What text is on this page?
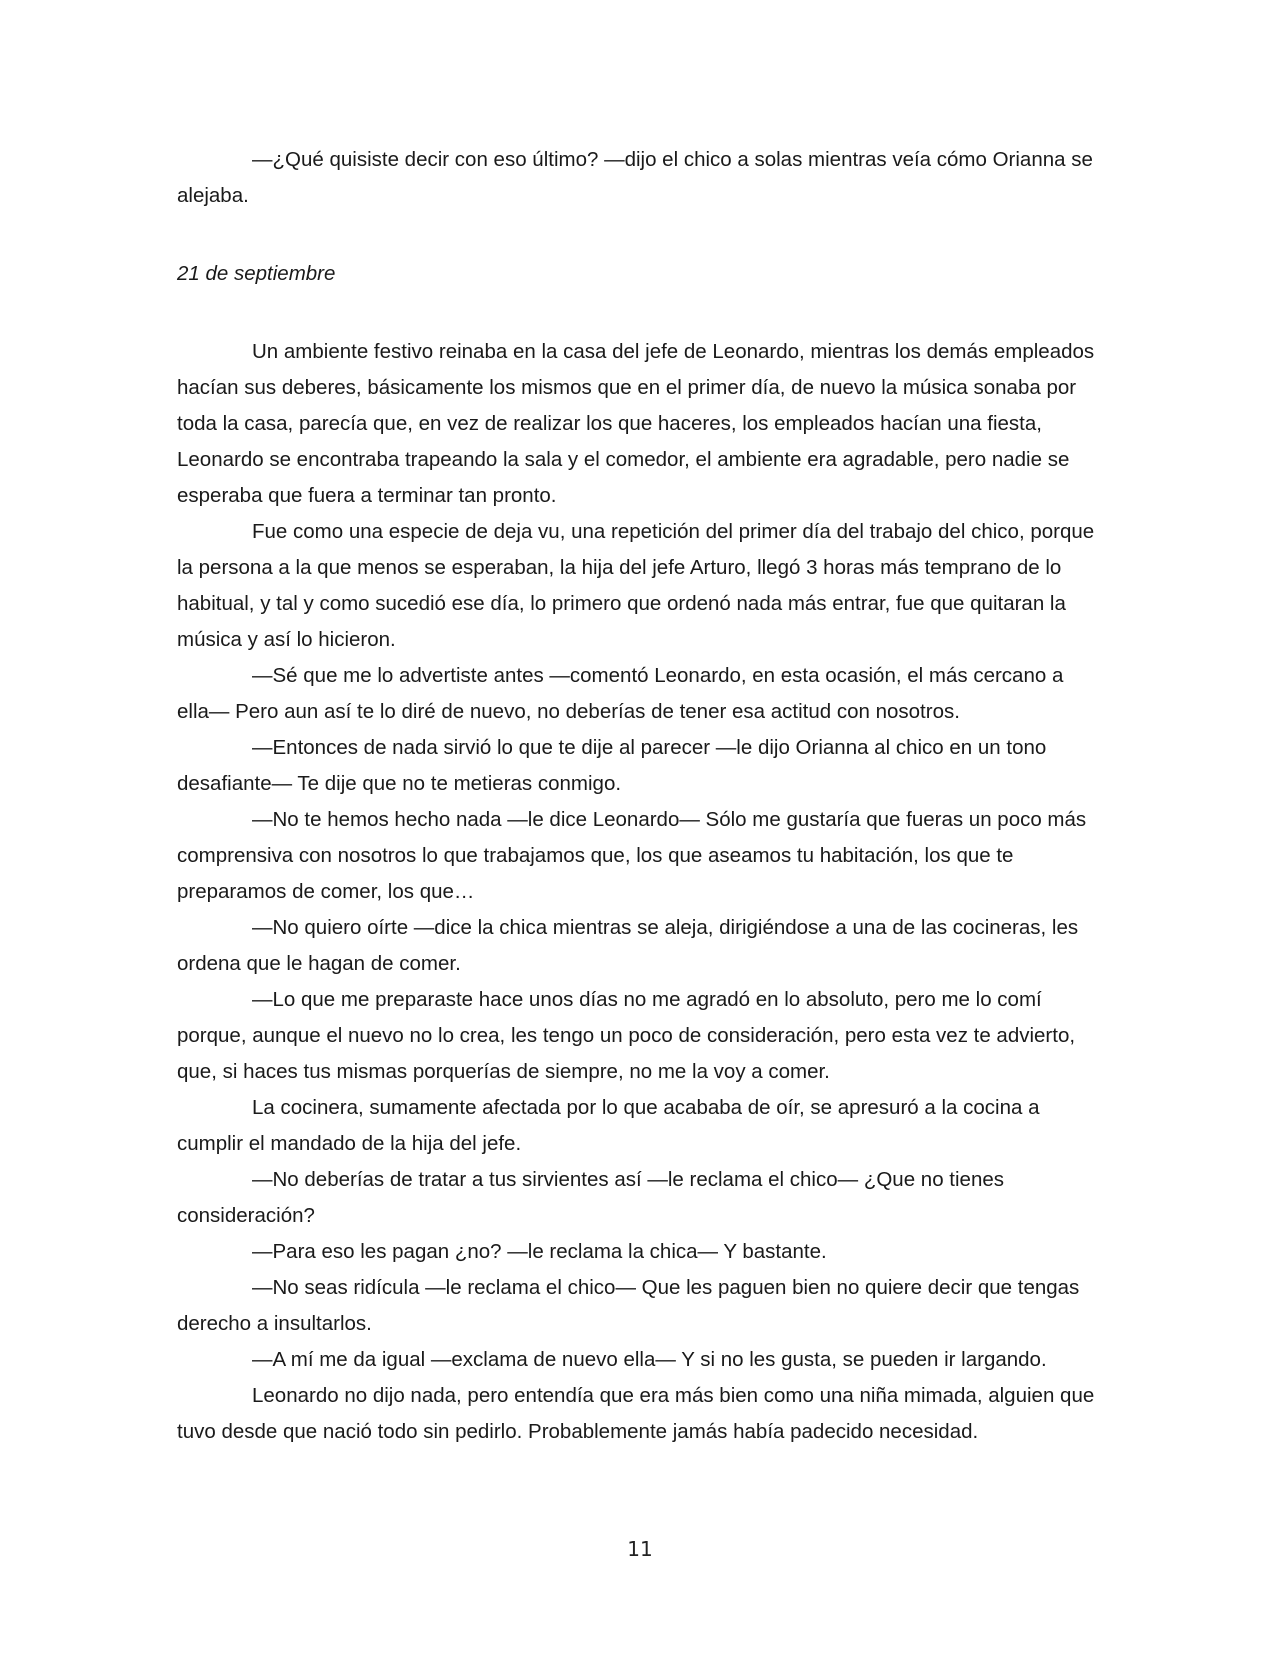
―¿Qué quisiste decir con eso último? ―dijo el chico a solas mientras veía cómo Orianna se alejaba.

21 de septiembre

Un ambiente festivo reinaba en la casa del jefe de Leonardo, mientras los demás empleados hacían sus deberes, básicamente los mismos que en el primer día, de nuevo la música sonaba por toda la casa, parecía que, en vez de realizar los que haceres, los empleados hacían una fiesta, Leonardo se encontraba trapeando la sala y el comedor, el ambiente era agradable, pero nadie se esperaba que fuera a terminar tan pronto.

Fue como una especie de deja vu, una repetición del primer día del trabajo del chico, porque la persona a la que menos se esperaban, la hija del jefe Arturo, llegó 3 horas más temprano de lo habitual, y tal y como sucedió ese día, lo primero que ordenó nada más entrar, fue que quitaran la música y así lo hicieron.

―Sé que me lo advertiste antes ―comentó Leonardo, en esta ocasión, el más cercano a ella― Pero aun así te lo diré de nuevo, no deberías de tener esa actitud con nosotros.

―Entonces de nada sirvió lo que te dije al parecer ―le dijo Orianna al chico en un tono desafiante― Te dije que no te metieras conmigo.

―No te hemos hecho nada ―le dice Leonardo― Sólo me gustaría que fueras un poco más comprensiva con nosotros lo que trabajamos que, los que aseamos tu habitación, los que te preparamos de comer, los que…

―No quiero oírte ―dice la chica mientras se aleja, dirigiéndose a una de las cocineras, les ordena que le hagan de comer.

―Lo que me preparaste hace unos días no me agradó en lo absoluto, pero me lo comí porque, aunque el nuevo no lo crea, les tengo un poco de consideración, pero esta vez te advierto, que, si haces tus mismas porquerías de siempre, no me la voy a comer.

La cocinera, sumamente afectada por lo que acababa de oír, se apresuró a la cocina a cumplir el mandado de la hija del jefe.

―No deberías de tratar a tus sirvientes así ―le reclama el chico― ¿Que no tienes consideración?

―Para eso les pagan ¿no? ―le reclama la chica― Y bastante.

―No seas ridícula ―le reclama el chico― Que les paguen bien no quiere decir que tengas derecho a insultarlos.

―A mí me da igual ―exclama de nuevo ella― Y si no les gusta, se pueden ir largando.

Leonardo no dijo nada, pero entendía que era más bien como una niña mimada, alguien que tuvo desde que nació todo sin pedirlo. Probablemente jamás había padecido necesidad.

11
